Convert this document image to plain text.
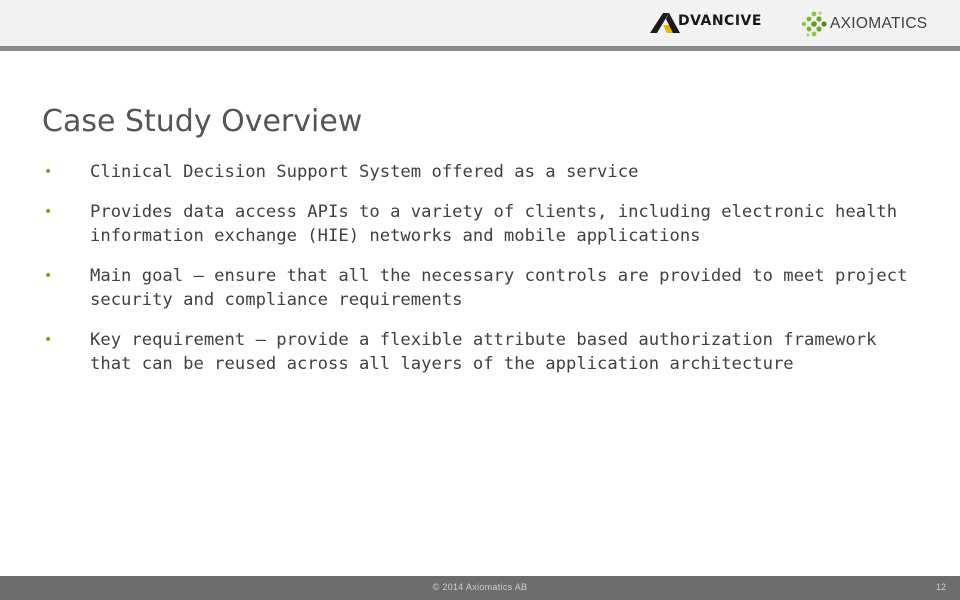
DVANCIVE	AXIOMATICS
Case Study Overview
• Clinical Decision Support System offered as a service
• Provides data access APIs to a variety of clients, including electronic health information exchange (HIE) networks and mobile applications
• Main goal – ensure that all the necessary controls are provided to meet project security and compliance requirements
• Key requirement – provide a flexible attribute based authorization framework that can be reused across all layers of the application architecture
© 2014 Axiomatics AB	12
